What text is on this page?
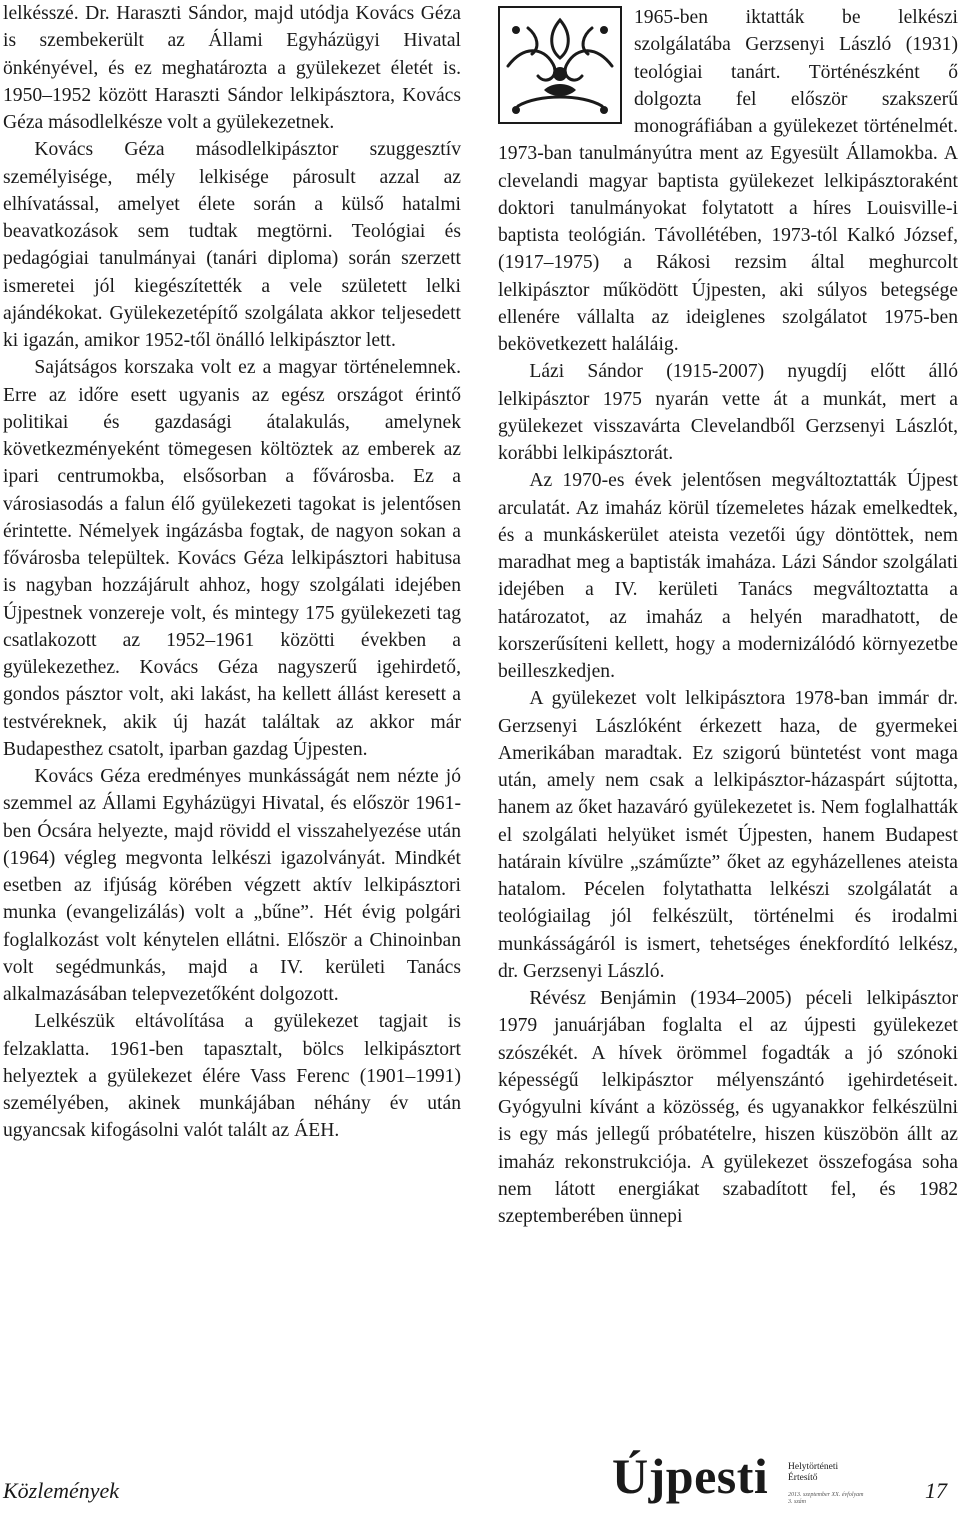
lelkésszé. Dr. Haraszti Sándor, majd utódja Kovács Géza is szembekerült az Állami Egyházügyi Hivatal önkényével, és ez meghatározta a gyülekezet életét is. 1950–1952 között Haraszti Sándor lelkipásztora, Kovács Géza másodlelkésze volt a gyülekezetnek.

Kovács Géza másodlelkipásztor szuggesztív személyisége, mély lelkisége párosult azzal az elhívatással, amelyet élete során a külső hatalmi beavatkozások sem tudtak megtörni. Teológiai és pedagógiai tanulmányai (tanári diploma) során szerzett ismeretei jól kiegészítették a vele született lelki ajándékokat. Gyülekezetépítő szolgálata akkor teljesedett ki igazán, amikor 1952-től önálló lelkipásztor lett.

Sajátságos korszaka volt ez a magyar történelemnek. Erre az időre esett ugyanis az egész országot érintő politikai és gazdasági átalakulás, amelynek következményeként tömegesen költöztek az emberek az ipari centrumokba, elsősorban a fővárosba. Ez a városiasodás a falun élő gyülekezeti tagokat is jelentősen érintette. Némelyek ingázásba fogtak, de nagyon sokan a fővárosba települtek. Kovács Géza lelkipásztori habitusa is nagyban hozzájárult ahhoz, hogy szolgálati idejében Újpestnek vonzereje volt, és mintegy 175 gyülekezeti tag csatlakozott az 1952–1961 közötti években a gyülekezethez. Kovács Géza nagyszerű igehirdető, gondos pásztor volt, aki lakást, ha kellett állást keresett a testvéreknek, akik új hazát találtak az akkor már Budapesthez csatolt, iparban gazdag Újpesten.

Kovács Géza eredményes munkásságát nem nézte jó szemmel az Állami Egyházügyi Hivatal, és először 1961-ben Ócsára helyezte, majd rövidd el visszahelyezése után (1964) végleg megvonta lelkészi igazolványát. Mindkét esetben az ifjúság körében végzett aktív lelkipásztori munka (evangelizálás) volt a „bűne”. Hét évig polgári foglalkozást volt kénytelen ellátni. Először a Chinoinban volt segédmunkás, majd a IV. kerületi Tanács alkalmazásában telepvezetőként dolgozott.

Lelkészük eltávolítása a gyülekezet tagjait is felzaklatta. 1961-ben tapasztalt, bölcs lelkipásztort helyeztek a gyülekezet élére Vass Ferenc (1901–1991) személyében, akinek munkájában néhány év után ugyancsak kifogásolni valót talált az ÁEH.

1965-ben iktatták be lelkészi szolgálatába Gerzsenyi László (1931) teológiai tanárt. Történészként ő dolgozta fel először szakszerű monográfiában a gyülekezet történelmét. 1973-ban tanulmányútra ment az Egyesült Államokba. A clevelandi magyar baptista gyülekezet lelkipásztoraként doktori tanulmányokat folytatott a híres Louisville-i baptista teológián. Távollétében, 1973-tól Kalkó József, (1917–1975) a Rákosi rezsim által meghurcolt lelkipásztor működött Újpesten, aki súlyos betegsége ellenére vállalta az ideiglenes szolgálatot 1975-ben bekövetkezett haláláig.

Lázi Sándor (1915-2007) nyugdíj előtt álló lelkipásztor 1975 nyarán vette át a munkát, mert a gyülekezet visszavárta Clevelandből Gerzsenyi Lászlót, korábbi lelkipásztorát.

Az 1970-es évek jelentősen megváltoztatták Újpest arculatát. Az imaház körül tízemeletes házak emelkedtek, és a munkáskerület ateista vezetői úgy döntöttek, nem maradhat meg a baptisták imaháza. Lázi Sándor szolgálati idejében a IV. kerületi Tanács megváltoztatta a határozatot, az imaház a helyén maradhatott, de korszerűsíteni kellett, hogy a modernizálódó környezetbe beilleszkedjen.

A gyülekezet volt lelkipásztora 1978-ban immár dr. Gerzsenyi Lászlóként érkezett haza, de gyermekei Amerikában maradtak. Ez szigorú büntetést vont maga után, amely nem csak a lelkipásztor-házaspárt sújtotta, hanem az őket hazaváró gyülekezetet is. Nem foglalhatták el szolgálati helyüket ismét Újpesten, hanem Budapest határain kívülre „száműzte” őket az egyházellenes ateista hatalom. Pécelen folytathatta lelkészi szolgálatát a teológiailag jól felkészült, történelmi és irodalmi munkásságáról is ismert, tehetséges énekfordító lelkész, dr. Gerzsenyi László.

Révész Benjámin (1934–2005) péceli lelkipásztor 1979 januárjában foglalta el az újpesti gyülekezet szószékét. A hívek örömmel fogadták a jó szónoki képességű lelkipásztor mélyenszántó igehirdetéseit. Gyógyulni kívánt a közösség, és ugyanakkor felkészülni is egy más jellegű próbatételre, hiszen küszöbön állt az imaház rekonstrukciója. A gyülekezet összefogása soha nem látott energiákat szabadított fel, és 1982 szeptemberében ünnepi

Közlemények	Újpesti Helytörténeti Értesítő
2013. szeptember XX. évfolyam 3. szám	17
